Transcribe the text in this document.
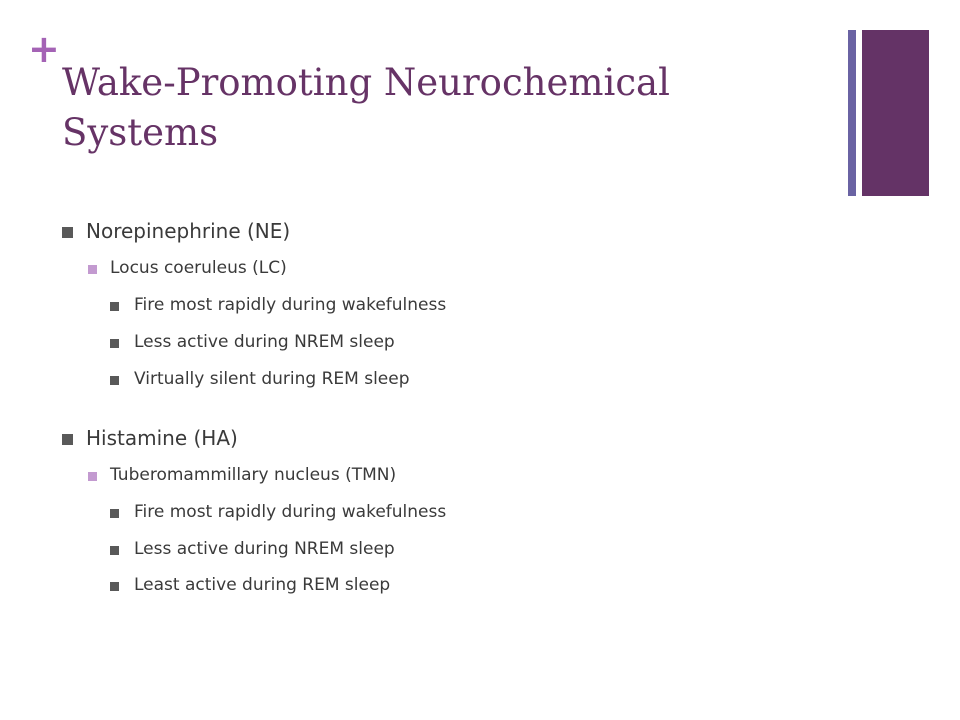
+
Wake-Promoting Neurochemical Systems
Norepinephrine (NE)
Locus coeruleus (LC)
Fire most rapidly during wakefulness
Less active during NREM sleep
Virtually silent during REM sleep
Histamine (HA)
Tuberomammillary nucleus (TMN)
Fire most rapidly during wakefulness
Less active during NREM sleep
Least active during REM sleep
